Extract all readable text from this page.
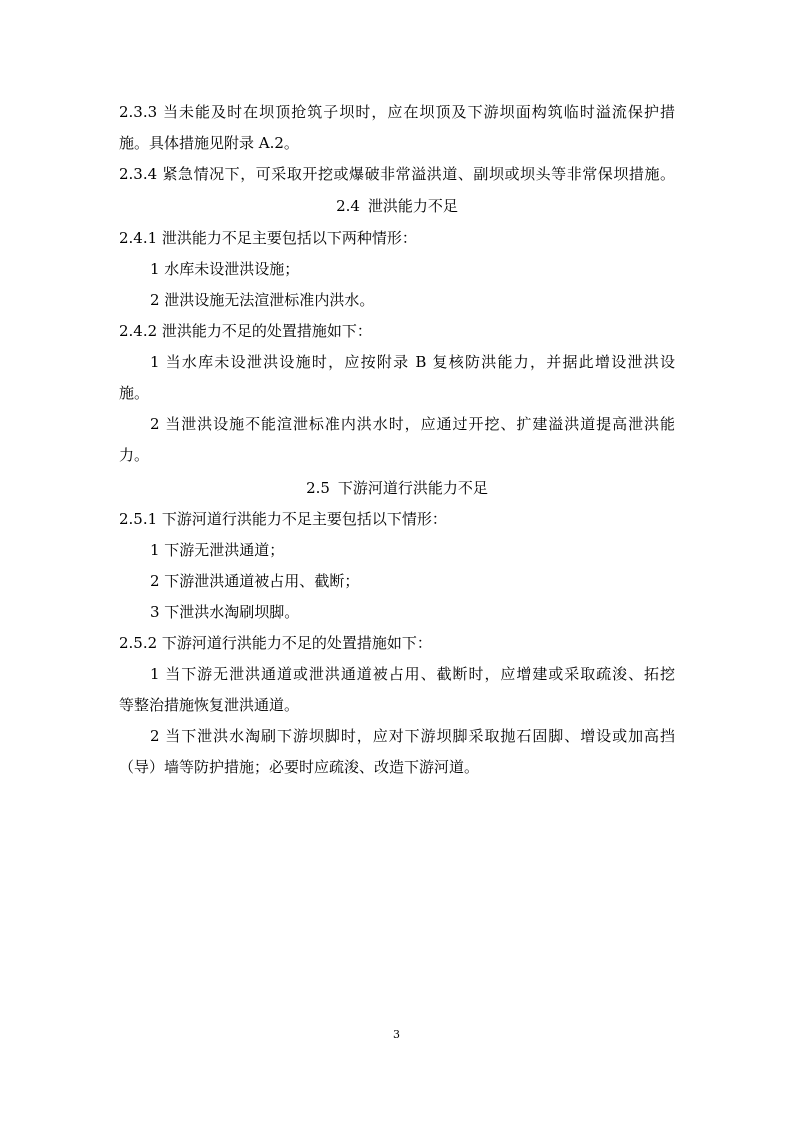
2.3.3 当未能及时在坝顶抢筑子坝时，应在坝顶及下游坝面构筑临时溢流保护措
施。具体措施见附录 A.2。
2.3.4 紧急情况下，可采取开挖或爆破非常溢洪道、副坝或坝头等非常保坝措施。
2.4 泄洪能力不足
2.4.1 泄洪能力不足主要包括以下两种情形：
1 水库未设泄洪设施；
2 泄洪设施无法渲泄标准内洪水。
2.4.2 泄洪能力不足的处置措施如下：
1 当水库未设泄洪设施时，应按附录 B 复核防洪能力，并据此增设泄洪设
施。
2 当泄洪设施不能渲泄标准内洪水时，应通过开挖、扩建溢洪道提高泄洪能
力。
2.5 下游河道行洪能力不足
2.5.1 下游河道行洪能力不足主要包括以下情形：
1 下游无泄洪通道；
2 下游泄洪通道被占用、截断；
3 下泄洪水淘刷坝脚。
2.5.2 下游河道行洪能力不足的处置措施如下：
1 当下游无泄洪通道或泄洪通道被占用、截断时，应增建或采取疏浚、拓挖
等整治措施恢复泄洪通道。
2 当下泄洪水淘刷下游坝脚时，应对下游坝脚采取抛石固脚、增设或加高挡
（导）墙等防护措施；必要时应疏浚、改造下游河道。
3
